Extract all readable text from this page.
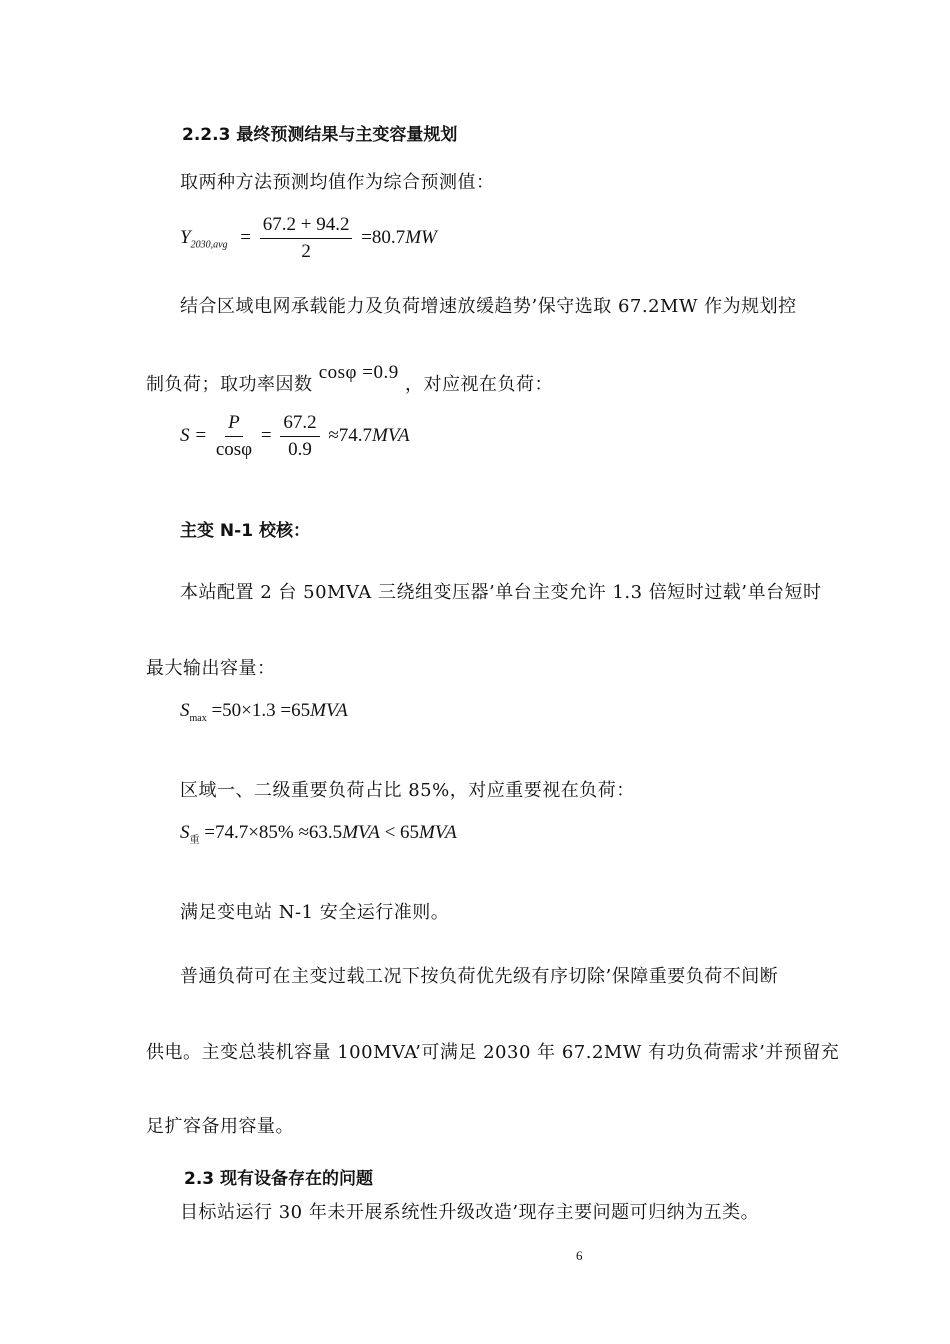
2.2.3 最终预测结果与主变容量规划
取两种方法预测均值作为综合预测值：
$Y_{2030,avg} = \frac{67.2 + 94.2}{2} =80.7MW$
结合区域电网承载能力及负荷增速放缓趋势’保守选取 67.2MW 作为规划控
制负荷；取功率因数 cosφ =0.9 ，对应视在负荷：
$S = \frac{P}{\cos\varphi} = \frac{67.2}{0.9} \approx 74.7MVA$
主变 N-1 校核：
本站配置 2 台 50MVA 三绕组变压器’单台主变允许 1.3 倍短时过载’单台短时
最大输出容量：
$S_{max} =50\times 1.3 =65MVA$
区域一、二级重要负荷占比 85%，对应重要视在负荷：
$S_重 =74.7\times 85\% \approx 63.5MVA < 65MVA$
满足变电站 N-1 安全运行准则。
普通负荷可在主变过载工况下按负荷优先级有序切除’保障重要负荷不间断
供电。主变总装机容量 100MVA’可满足 2030 年 67.2MW 有功负荷需求’并预留充
足扩容备用容量。
2.3 现有设备存在的问题
目标站运行 30 年未开展系统性升级改造’现存主要问题可归纳为五类。
6
